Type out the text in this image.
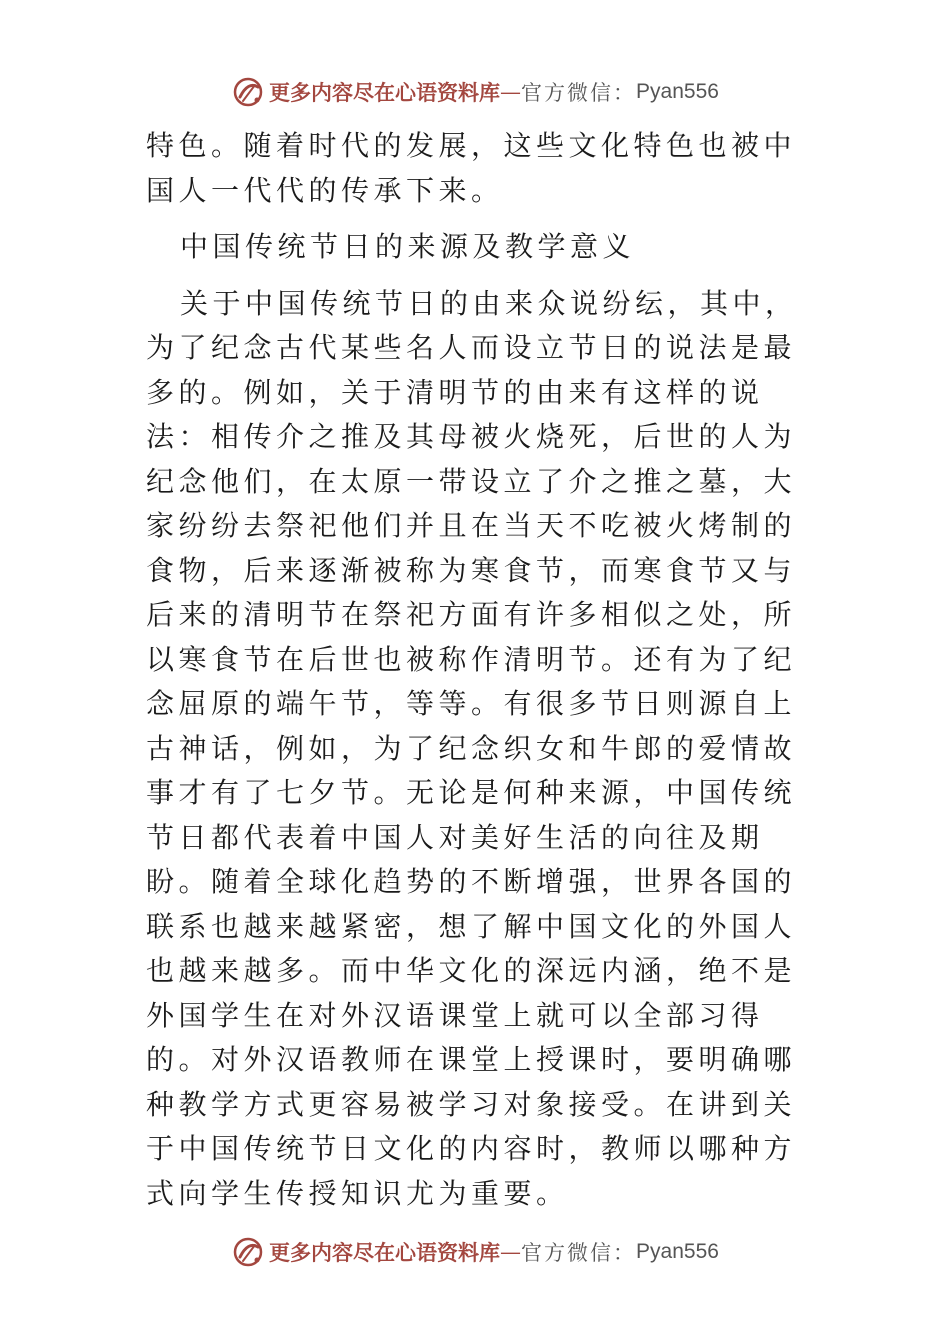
更多内容尽在心语资料库 — 官方微信： Pyan556

特色。随着时代的发展，这些文化特色也被中国人一代代的传承下来。

中国传统节日的来源及教学意义

关于中国传统节日的由来众说纷纭，其中，为了纪念古代某些名人而设立节日的说法是最多的。例如，关于清明节的由来有这样的说法：相传介之推及其母被火烧死，后世的人为纪念他们，在太原一带设立了介之推之墓，大家纷纷去祭祀他们并且在当天不吃被火烤制的食物，后来逐渐被称为寒食节，而寒食节又与后来的清明节在祭祀方面有许多相似之处，所以寒食节在后世也被称作清明节。还有为了纪念屈原的端午节，等等。有很多节日则源自上古神话，例如，为了纪念织女和牛郎的爱情故事才有了七夕节。无论是何种来源，中国传统节日都代表着中国人对美好生活的向往及期盼。随着全球化趋势的不断增强，世界各国的联系也越来越紧密，想了解中国文化的外国人也越来越多。而中华文化的深远内涵，绝不是外国学生在对外汉语课堂上就可以全部习得的。对外汉语教师在课堂上授课时，要明确哪种教学方式更容易被学习对象接受。在讲到关于中国传统节日文化的内容时，教师以哪种方式向学生传授知识尤为重要。

更多内容尽在心语资料库 — 官方微信： Pyan556
